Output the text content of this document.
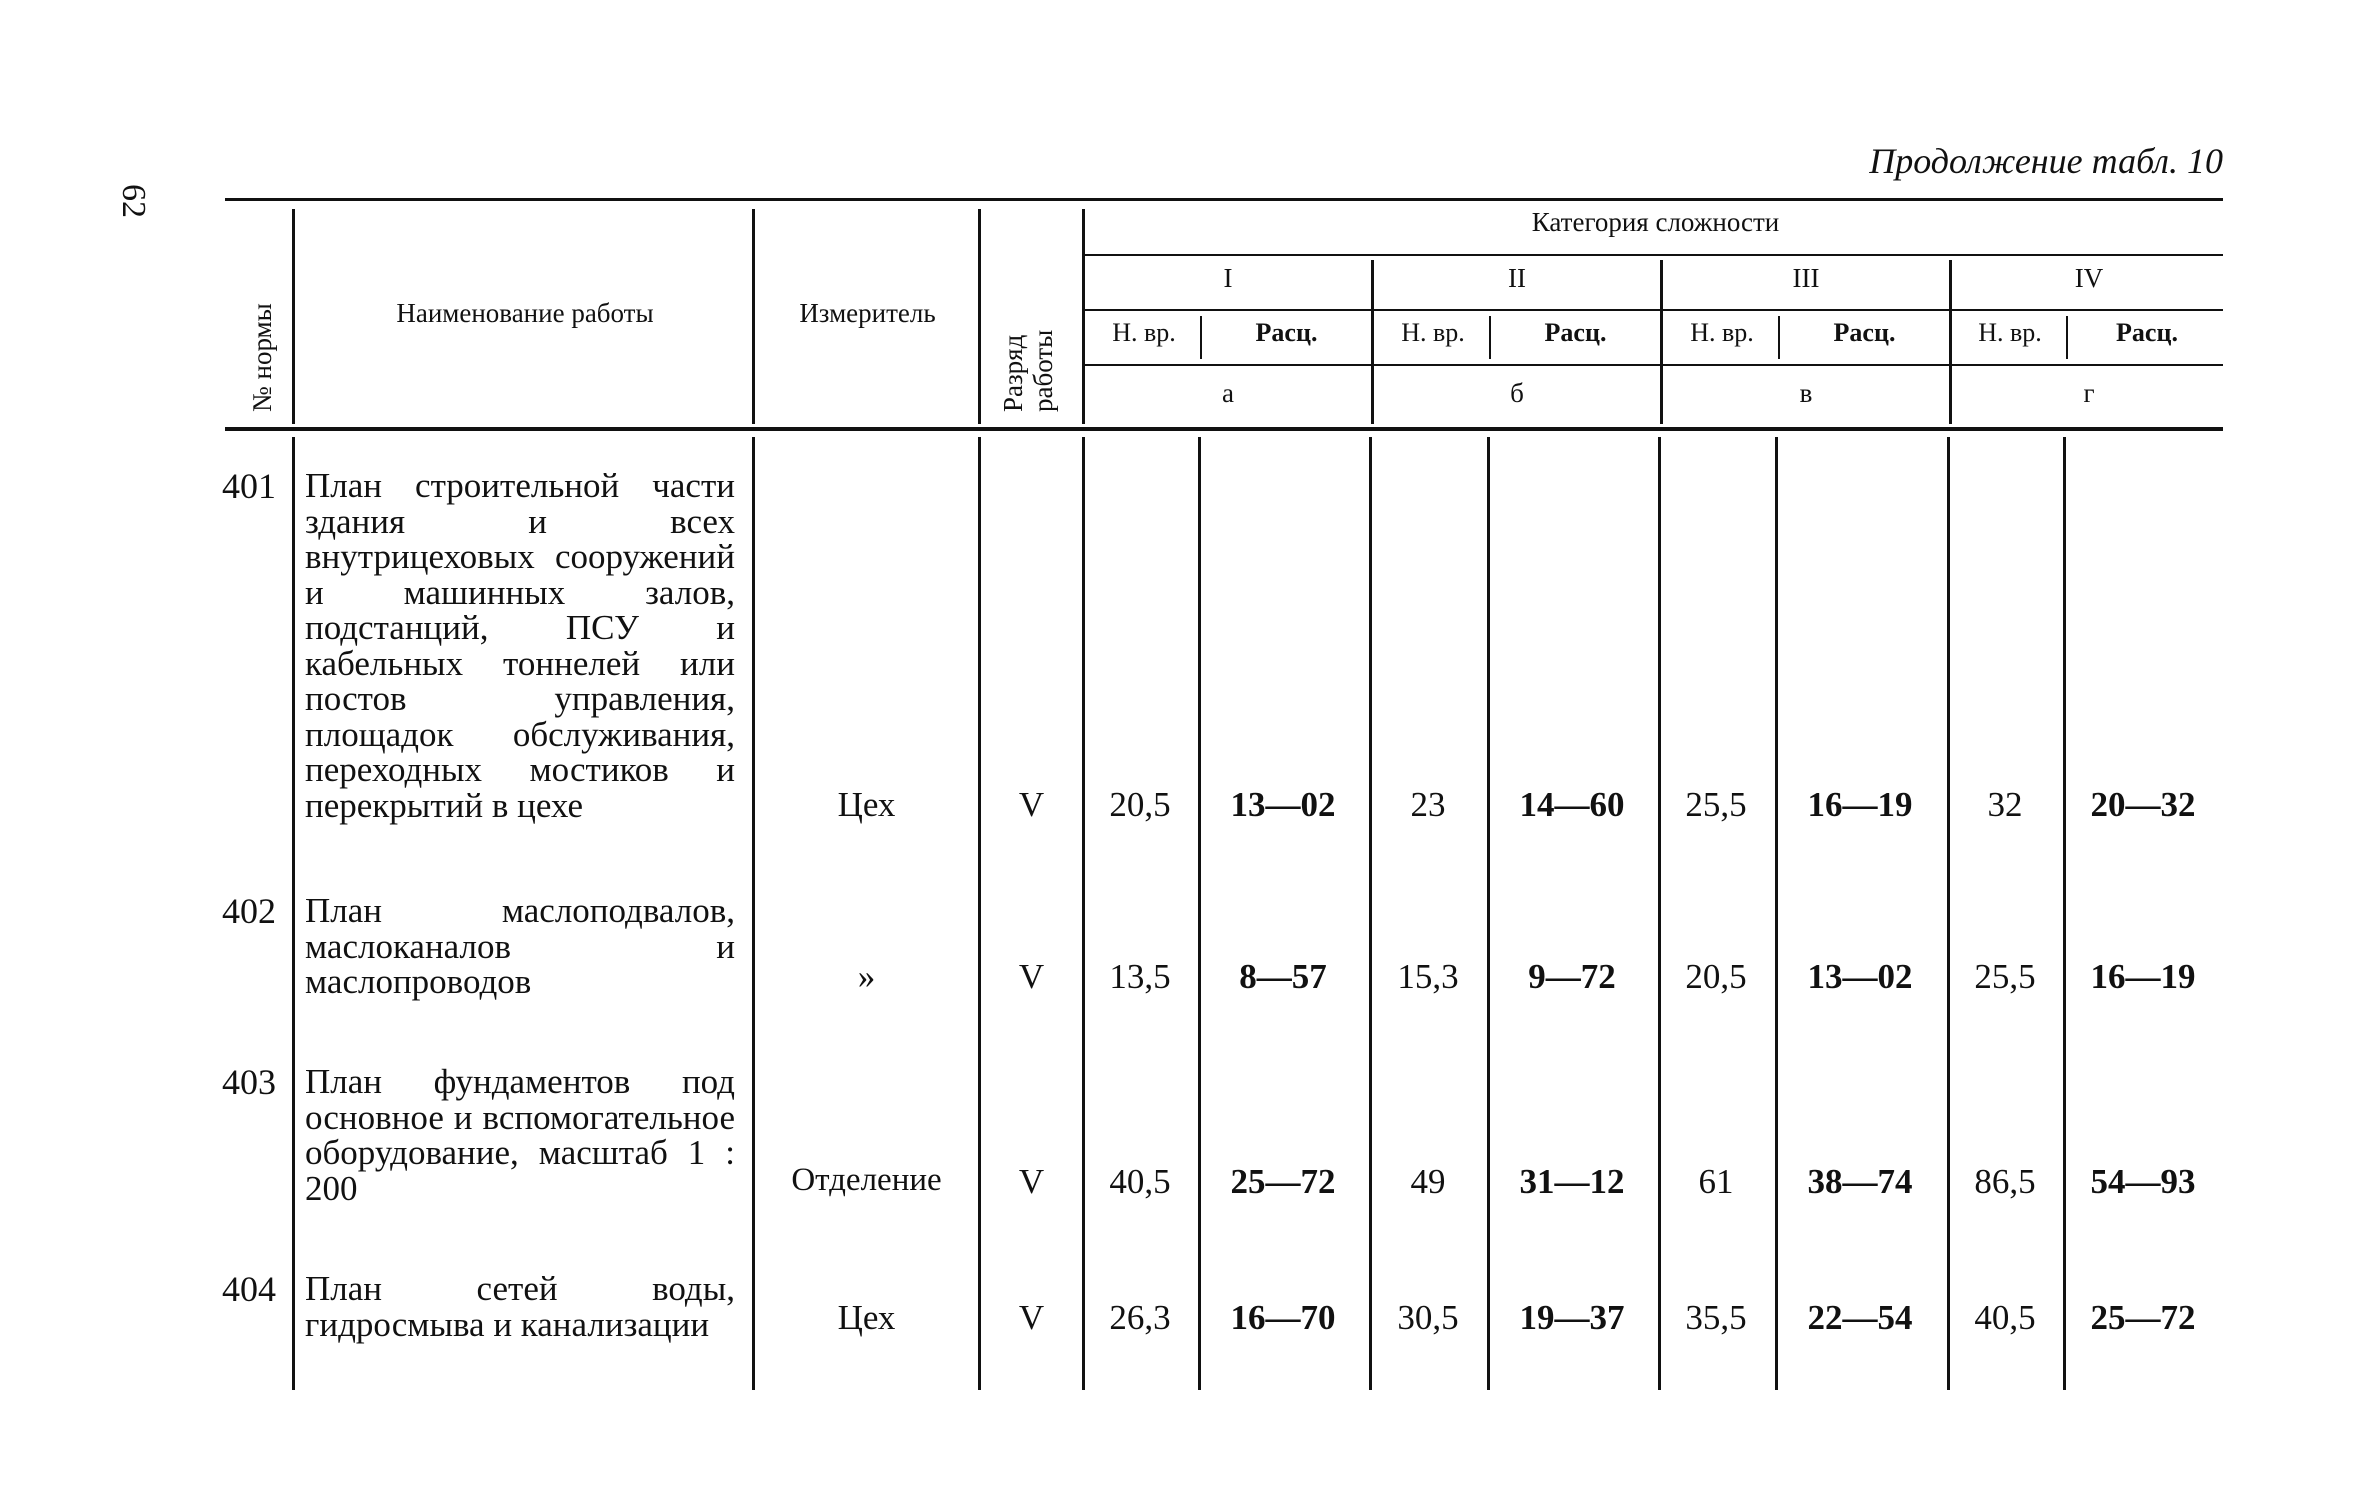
62
Продолжение табл. 10
№ нормы	Наименование работы	Измеритель
Разряд работы
Категория сложности
I
Н. вр.	Расц.
а
II
Н. вр.	Расц.
б
III
Н. вр.	Расц.
в
IV
Н. вр.	Расц.
г
401 План строительной части здания и всех внутрицеховых сооружений и машинных залов, подстанций, ПСУ и кабельных тоннелей или постов управления, площадок обслуживания, переходных мостиков и перекрытий в цехе	Цех	V	20,5	13—02	23	14—60	25,5	16—19	32	20—32
402 План маслоподвалов, маслоканалов и маслопроводов	»	V	13,5	8—57	15,3	9—72	20,5	13—02	25,5	16—19
403 План фундаментов под основное и вспомогательное оборудование, масштаб 1 : 200	Отделение	V	40,5	25—72	49	31—12	61	38—74	86,5	54—93
404 План сетей воды, гидросмыва и канализации	Цех	V	26,3	16—70	30,5	19—37	35,5	22—54	40,5	25—72
